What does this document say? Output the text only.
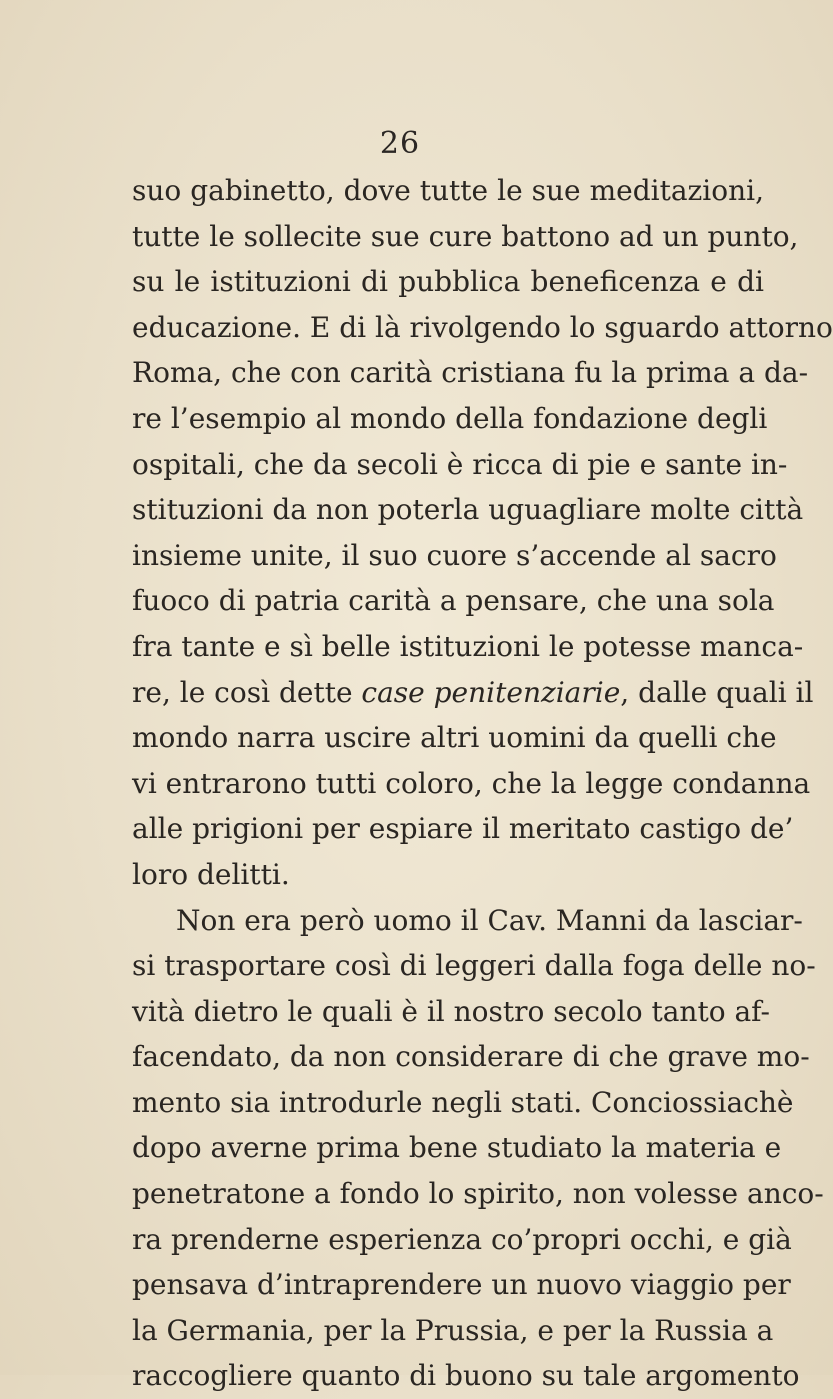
26
suo gabinetto, dove tutte le sue meditazioni,
tutte le sollecite sue cure battono ad un punto,
su le istituzioni di pubblica beneficenza e di
educazione. E di là rivolgendo lo sguardo attorno
Roma, che con carità cristiana fu la prima a da-
re l’esempio al mondo della fondazione degli
ospitali, che da secoli è ricca di pie e sante in-
stituzioni da non poterla uguagliare molte città
insieme unite, il suo cuore s’accende al sacro
fuoco di patria carità a pensare, che una sola
fra tante e sì belle istituzioni le potesse manca-
re, le così dette case penitenziarie, dalle quali il
mondo narra uscire altri uomini da quelli che
vi entrarono tutti coloro, che la legge condanna
alle prigioni per espiare il meritato castigo de’
loro delitti.
Non era però uomo il Cav. Manni da lasciar-
si trasportare così di leggeri dalla foga delle no-
vità dietro le quali è il nostro secolo tanto af-
facendato, da non considerare di che grave mo-
mento sia introdurle negli stati. Conciossiachè
dopo averne prima bene studiato la materia e
penetratone a fondo lo spirito, non volesse anco-
ra prenderne esperienza co’propri occhi, e già
pensava d’intraprendere un nuovo viaggio per
la Germania, per la Prussia, e per la Russia a
raccogliere quanto di buono su tale argomento
